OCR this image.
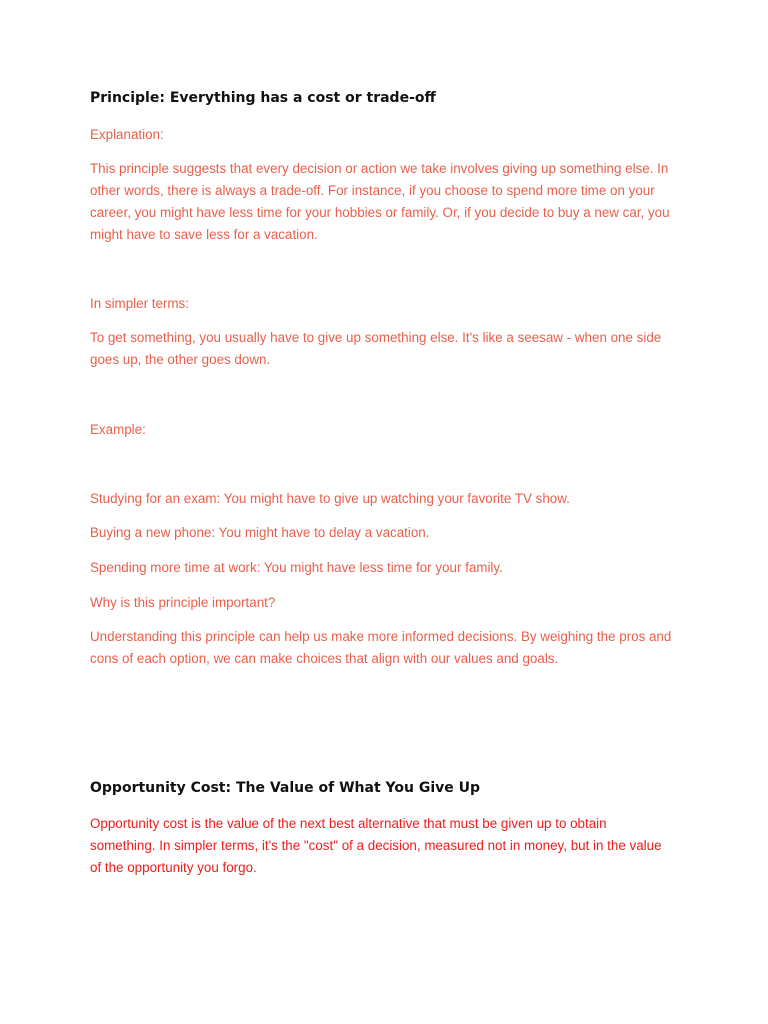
Principle: Everything has a cost or trade-off

Explanation:

This principle suggests that every decision or action we take involves giving up something else. In other words, there is always a trade-off. For instance, if you choose to spend more time on your career, you might have less time for your hobbies or family. Or, if you decide to buy a new car, you might have to save less for a vacation.

In simpler terms:

To get something, you usually have to give up something else. It's like a seesaw - when one side goes up, the other goes down.

Example:

Studying for an exam: You might have to give up watching your favorite TV show.

Buying a new phone: You might have to delay a vacation.

Spending more time at work: You might have less time for your family.

Why is this principle important?

Understanding this principle can help us make more informed decisions. By weighing the pros and cons of each option, we can make choices that align with our values and goals.

Opportunity Cost: The Value of What You Give Up

Opportunity cost is the value of the next best alternative that must be given up to obtain something. In simpler terms, it's the "cost" of a decision, measured not in money, but in the value of the opportunity you forgo.
